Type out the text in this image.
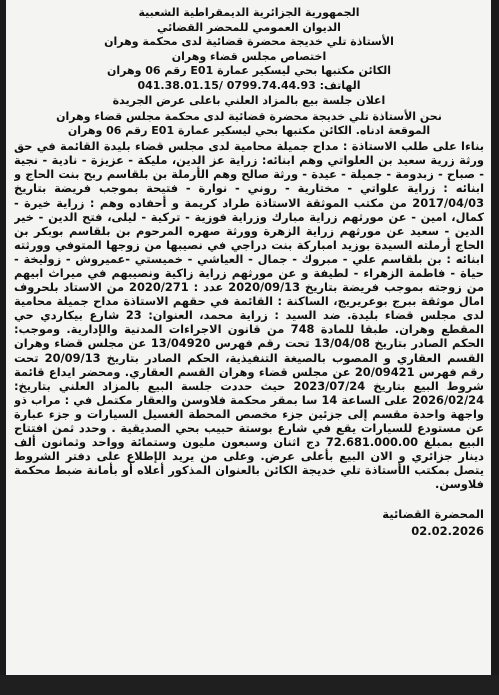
الجمهورية الجزائرية الديمقراطية الشعبية
الديوان العمومي للمحضر القضائي
الأستاذة تلي خديجة محضرة قضائية لدى محكمة وهران
اختصاص مجلس قضاء وهران
الكائن مكتبها بحي ليسكير عمارة E01 رقم 06 وهران
الهاتف: 041.38.01.15/ 0799.74.44.93
اعلان جلسة بيع بالمزاد العلني باعلى عرض الجريدة
نحن الأستاذة تلي خديجة محضرة قضائية لدى محكمة مجلس قضاء وهران
الموقعة ادناه. الكائن مكتبها بحي ليسكير عمارة E01 رقم 06 وهران

بناءا على طلب الاستاذة : مداح جميلة محامية لدى مجلس قضاء بليدة القائمة في حق ورثة زرية سعيد بن العلواتي وهم ابنائه: زراية عز الدين، مليكة - عزيزة - نادية - نجية - صباح - زبدومة - جميلة - عيدة - ورثة صالح وهم الأرملة بن بلقاسم ربح بنت الحاج و ابنائه : زراية علواتي - مختارية - روني - نوارة - فتيحة بموجب فريضة بتاريخ 2017/04/03 من مكتب الموثقة الاستاذة طراد كريمة و أحفاده وهم : زراية خيرة - كمال، امين - عن مورثهم زراية مبارك وزراية فوزية - تركية - ليلى، فتح الدين - خير الدين - سعيد عن مورثهم زراية الزهرة وورثة صهره المرحوم بن بلقاسم بوبكر بن الحاج أرملته السيدة بوزيد امباركة بنت دراجي في نصيبها من زوجها المتوفي وورثته ابنائه : بن بلقاسم علي - مبروك - جمال - العياشي - خميستي -عميروش - زوليخة - حياة - فاطمة الزهراء - لطيفة و عن مورثهم زراية زاكية ونصيبهم في ميراث ابيهم من زوجته بموجب فريضة بتاريخ 2020/09/13 عدد : 2020/271 من الاستاد بلحروف امال موثقة ببرج بوعريريج، الساكنة : القائمة في حقهم الاستاذة مداح جميلة محامية لدى مجلس قضاء بليدة. ضد السيد : زراية محمد، العنوان: 23 شارع بيكاردي حي المقطع وهران. طبقا للمادة 748 من قانون الاجراءات المدنية والإدارية. وموجب: الحكم الصادر بتاريخ 13/04/08 تحت رقم فهرس 13/04920 عن مجلس قضاء وهران القسم العقاري و المصوب بالصيغة التنفيذية، الحكم الصادر بتاريخ 20/09/13 تحت رقم فهرس 20/09421 عن مجلس قضاء وهران القسم العقاري. ومحضر ايداع قائمة شروط البيع بتاريخ 2023/07/24 حيث حددت جلسة البيع بالمزاد العلني بتاريخ: 2026/02/24 على الساعة 14 سا بمقر محكمة فلاوسن والعقار مكتمل في : مراب ذو واجهة واحدة مقسم إلى جزئين جزء مخصص المحطة الغسيل السيارات و جزء عبارة عن مستودع للسيارات يقع في شارع بوستة حبيب بحي الصديقية . وحدد ثمن افتتاح البيع بمبلغ 72.681.000.00 دج اثنان وسبعون مليون وستمائة وواحد وثمانون ألف دينار جزائري و الان البيع بأعلى عرض. وعلى من يريد الإطلاع على دفتر الشروط يتصل بمكتب الأستاذة تلي خديجة الكائن بالعنوان المذكور أعلاه أو بأمانة ضبط محكمة فلاوسن.

المحضرة القضائية
02.02.2026
